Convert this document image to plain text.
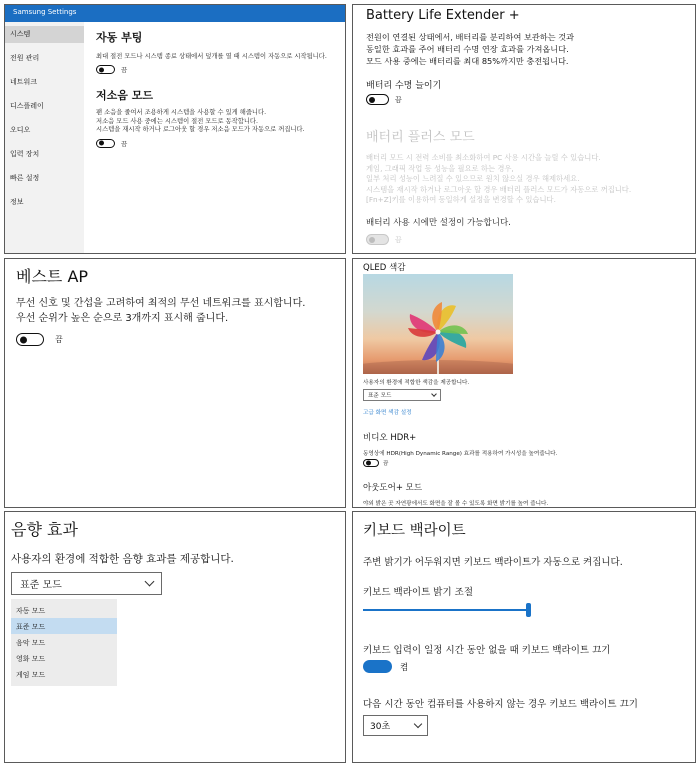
Samsung Settings
시스템
전원 관리
네트워크
디스플레이
오디오
입력 장치
빠른 설정
정보
자동 부팅
최대 절전 모드나 시스템 종료 상태에서 덮개를 열 때 시스템이 자동으로 시작됩니다.
끔
저소음 모드
팬 소음을 줄여서 조용하게 시스템을 사용할 수 있게 해줍니다.
저소음 모드 사용 중에는 시스템이 절전 모드로 동작합니다.
시스템을 재시작 하거나 로그아웃 할 경우 저소음 모드가 자동으로 꺼집니다.
끔
Battery Life Extender +
전원이 연결된 상태에서, 배터리를 분리하여 보관하는 것과
동일한 효과를 주어 배터리 수명 연장 효과를 가져옵니다.
모드 사용 중에는 배터리를 최대 85%까지만 충전됩니다.
배터리 수명 늘이기
끔
배터리 플러스 모드
배터리 모드 시 전력 소비를 최소화하여 PC 사용 시간을 늘릴 수 있습니다.
게임, 그래픽 작업 등 성능을 필요로 하는 경우,
일부 처리 성능이 느려질 수 있으므로 원치 않으실 경우 해제하세요.
시스템을 재시작 하거나 로그아웃 할 경우 배터리 플러스 모드가 자동으로 꺼집니다.
[Fn+Z]키를 이용하여 동일하게 설정을 변경할 수 있습니다.
배터리 사용 시에만 설정이 가능합니다.
끔
베스트 AP
무선 신호 및 간섭을 고려하여 최적의 무선 네트워크를 표시합니다.
우선 순위가 높은 순으로 3개까지 표시해 줍니다.
끔
QLED 색감
사용자의 환경에 적합한 색감을 제공합니다.
표준 모드
고급 화면 색감 설정
비디오 HDR+
동영상에 HDR(High Dynamic Range) 효과를 적용하여 가시성을 높여줍니다.
끔
아웃도어+ 모드
야외 밝은 곳 자연광에서도 화면을 잘 볼 수 있도록 화면 밝기를 높여 줍니다.
음향 효과
사용자의 환경에 적합한 음향 효과를 제공합니다.
표준 모드
자동 모드
표준 모드
음악 모드
영화 모드
게임 모드
키보드 백라이트
주변 밝기가 어두워지면 키보드 백라이트가 자동으로 켜집니다.
키보드 백라이트 밝기 조절
키보드 입력이 일정 시간 동안 없을 때 키보드 백라이트 끄기
켬
다음 시간 동안 컴퓨터를 사용하지 않는 경우 키보드 백라이트 끄기
30초
